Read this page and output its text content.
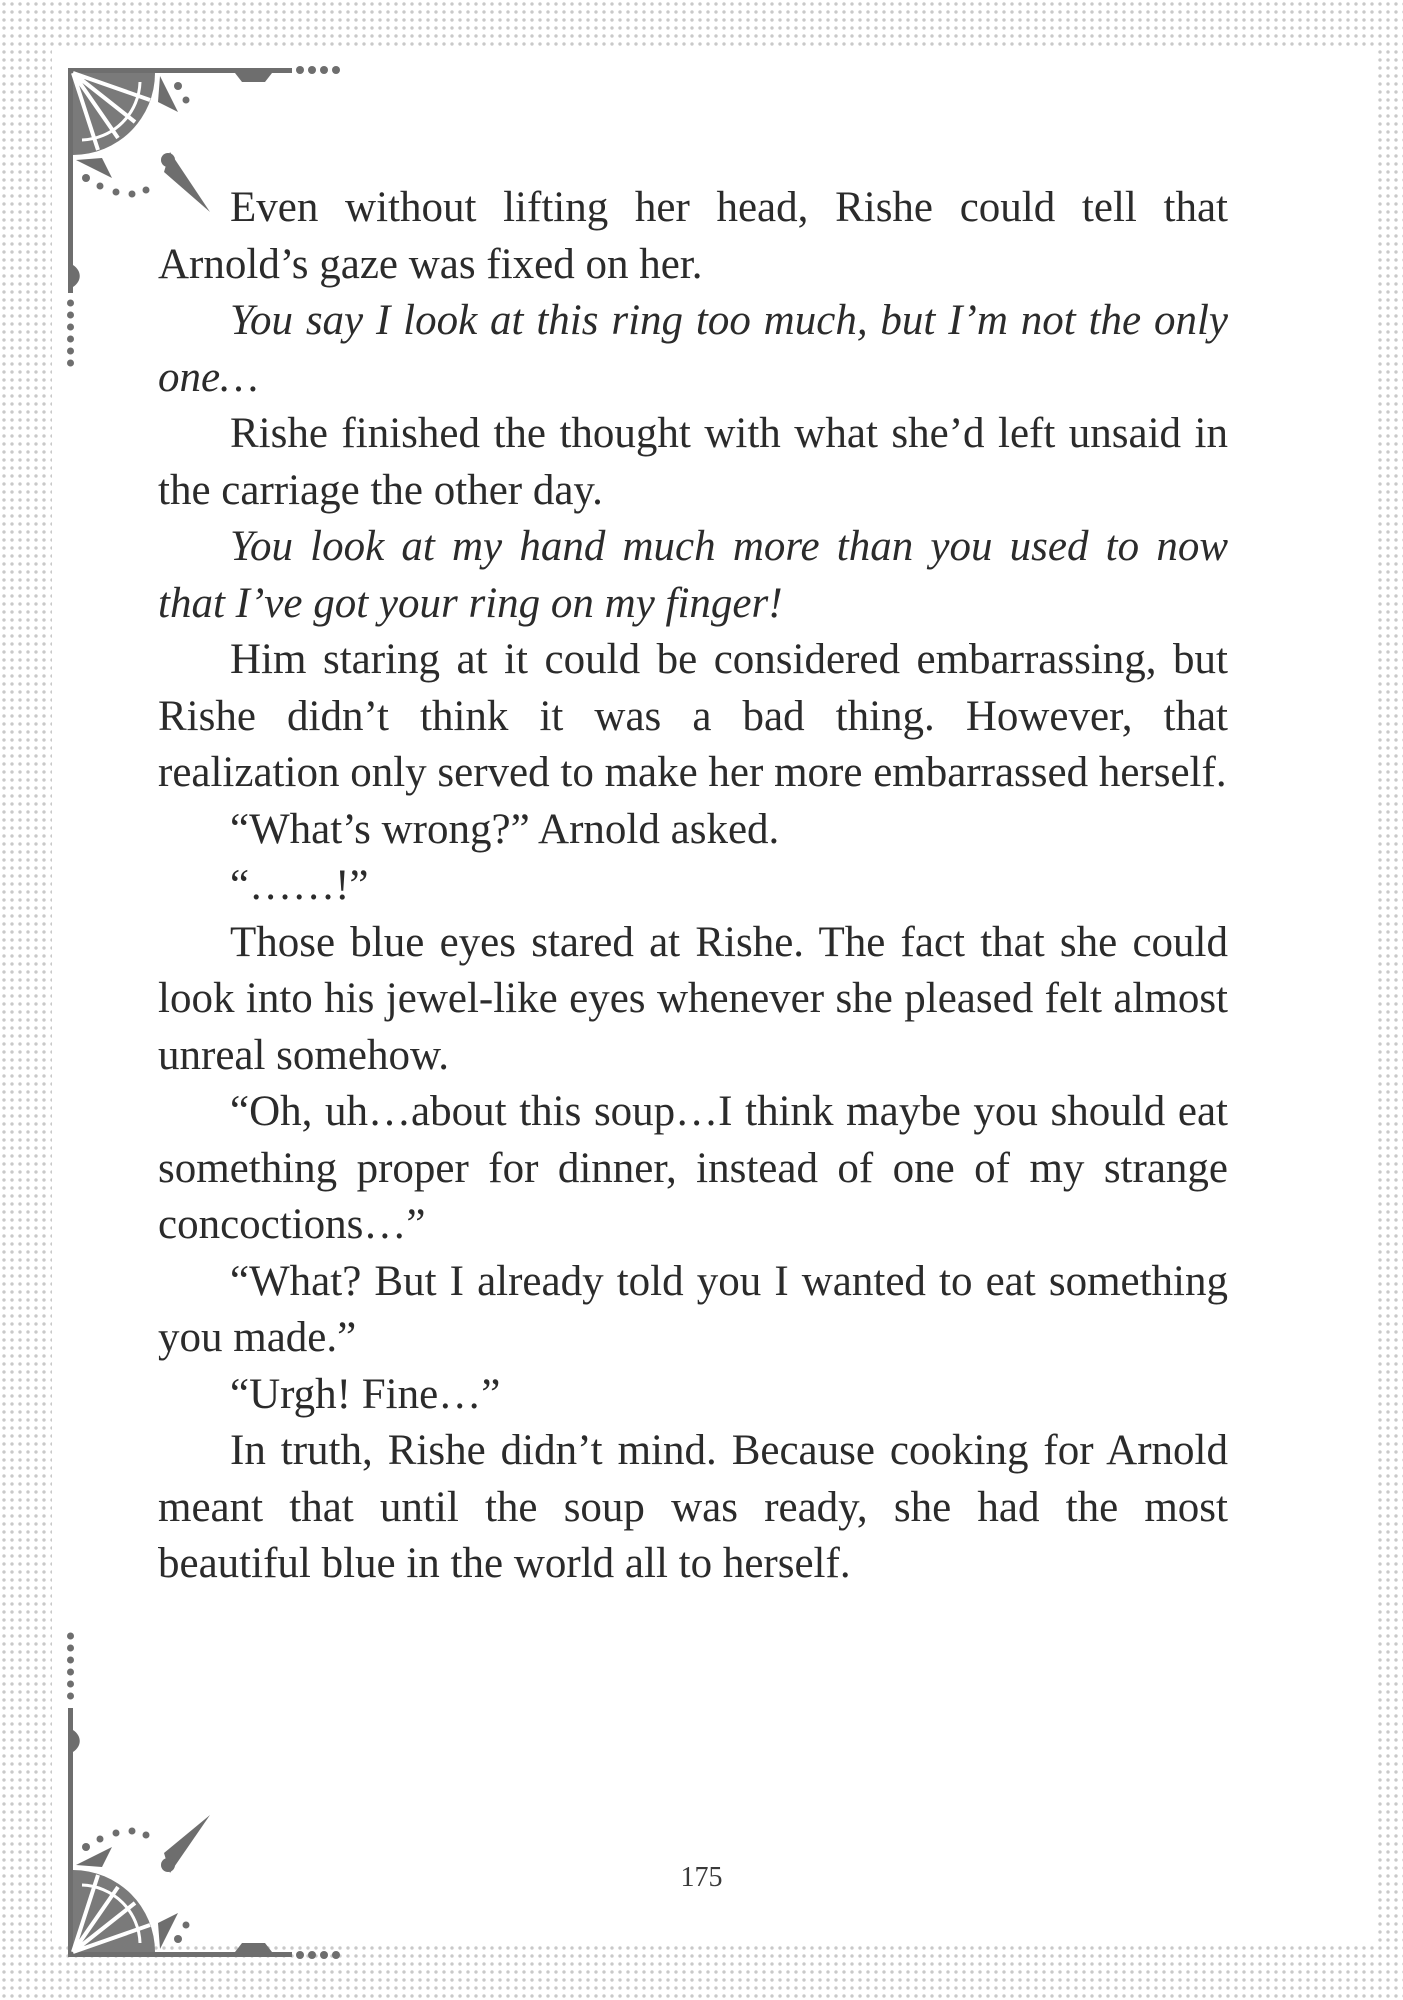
Even without lifting her head, Rishe could tell that Arnold’s gaze was fixed on her.

You say I look at this ring too much, but I’m not the only one…

Rishe finished the thought with what she’d left unsaid in the carriage the other day.

You look at my hand much more than you used to now that I’ve got your ring on my finger!

Him staring at it could be considered embarrassing, but Rishe didn’t think it was a bad thing. However, that realization only served to make her more embarrassed herself.

“What’s wrong?” Arnold asked.

“……!”

Those blue eyes stared at Rishe. The fact that she could look into his jewel-like eyes whenever she pleased felt almost unreal somehow.

“Oh, uh…about this soup…I think maybe you should eat something proper for dinner, instead of one of my strange concoctions…”

“What? But I already told you I wanted to eat something you made.”

“Urgh! Fine…”

In truth, Rishe didn’t mind. Because cooking for Arnold meant that until the soup was ready, she had the most beautiful blue in the world all to herself.

175
